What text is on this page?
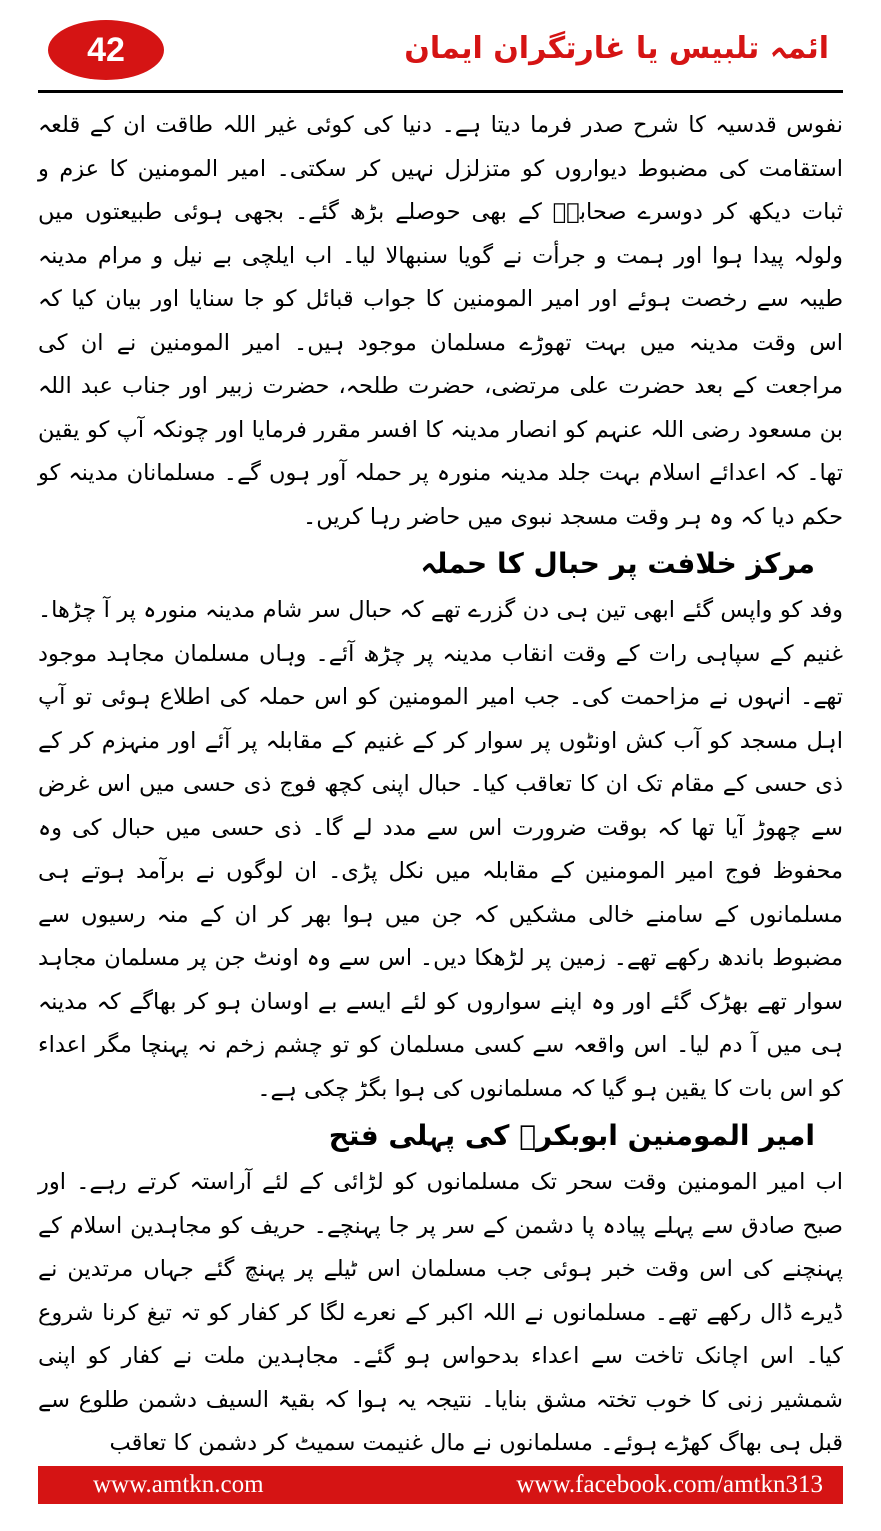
42	ائمہ تلبیس یا غارتگران ایمان

نفوس قدسیہ کا شرح صدر فرما دیتا ہے۔ دنیا کی کوئی غیر اللہ طاقت ان کے قلعہ استقامت کی مضبوط دیواروں کو متزلزل نہیں کر سکتی۔ امیر المومنین کا عزم و ثبات دیکھ کر دوسرے صحابہؓ کے بھی حوصلے بڑھ گئے۔ بجھی ہوئی طبیعتوں میں ولولہ پیدا ہوا اور ہمت و جرأت نے گویا سنبھالا لیا۔ اب ایلچی بے نیل و مرام مدینہ طیبہ سے رخصت ہوئے اور امیر المومنین کا جواب قبائل کو جا سنایا اور بیان کیا کہ اس وقت مدینہ میں بہت تھوڑے مسلمان موجود ہیں۔ امیر المومنین نے ان کی مراجعت کے بعد حضرت علی مرتضی، حضرت طلحہ، حضرت زبیر اور جناب عبد اللہ بن مسعود رضی اللہ عنہم کو انصار مدینہ کا افسر مقرر فرمایا اور چونکہ آپ کو یقین تھا۔ کہ اعدائے اسلام بہت جلد مدینہ منورہ پر حملہ آور ہوں گے۔ مسلمانان مدینہ کو حکم دیا کہ وہ ہر وقت مسجد نبوی میں حاضر رہا کریں۔

مرکز خلافت پر حبال کا حملہ

وفد کو واپس گئے ابھی تین ہی دن گزرے تھے کہ حبال سر شام مدینہ منورہ پر آ چڑھا۔ غنیم کے سپاہی رات کے وقت انقاب مدینہ پر چڑھ آئے۔ وہاں مسلمان مجاہد موجود تھے۔ انہوں نے مزاحمت کی۔ جب امیر المومنین کو اس حملہ کی اطلاع ہوئی تو آپ اہل مسجد کو آب کش اونٹوں پر سوار کر کے غنیم کے مقابلہ پر آئے اور منہزم کر کے ذی حسی کے مقام تک ان کا تعاقب کیا۔ حبال اپنی کچھ فوج ذی حسی میں اس غرض سے چھوڑ آیا تھا کہ بوقت ضرورت اس سے مدد لے گا۔ ذی حسی میں حبال کی وہ محفوظ فوج امیر المومنین کے مقابلہ میں نکل پڑی۔ ان لوگوں نے برآمد ہوتے ہی مسلمانوں کے سامنے خالی مشکیں کہ جن میں ہوا بھر کر ان کے منہ رسیوں سے مضبوط باندھ رکھے تھے۔ زمین پر لڑھکا دیں۔ اس سے وہ اونٹ جن پر مسلمان مجاہد سوار تھے بھڑک گئے اور وہ اپنے سواروں کو لئے ایسے بے اوسان ہو کر بھاگے کہ مدینہ ہی میں آ دم لیا۔ اس واقعہ سے کسی مسلمان کو تو چشم زخم نہ پہنچا مگر اعداء کو اس بات کا یقین ہو گیا کہ مسلمانوں کی ہوا بگڑ چکی ہے۔

امیر المومنین ابوبکرؓ کی پہلی فتح

اب امیر المومنین وقت سحر تک مسلمانوں کو لڑائی کے لئے آراستہ کرتے رہے۔ اور صبح صادق سے پہلے پیادہ پا دشمن کے سر پر جا پہنچے۔ حریف کو مجاہدین اسلام کے پہنچنے کی اس وقت خبر ہوئی جب مسلمان اس ٹیلے پر پہنچ گئے جہاں مرتدین نے ڈیرے ڈال رکھے تھے۔ مسلمانوں نے اللہ اکبر کے نعرے لگا کر کفار کو تہ تیغ کرنا شروع کیا۔ اس اچانک تاخت سے اعداء بدحواس ہو گئے۔ مجاہدین ملت نے کفار کو اپنی شمشیر زنی کا خوب تختہ مشق بنایا۔ نتیجہ یہ ہوا کہ بقیۃ السیف دشمن طلوع سے قبل ہی بھاگ کھڑے ہوئے۔ مسلمانوں نے مال غنیمت سمیٹ کر دشمن کا تعاقب

www.amtkn.com	www.facebook.com/amtkn313
